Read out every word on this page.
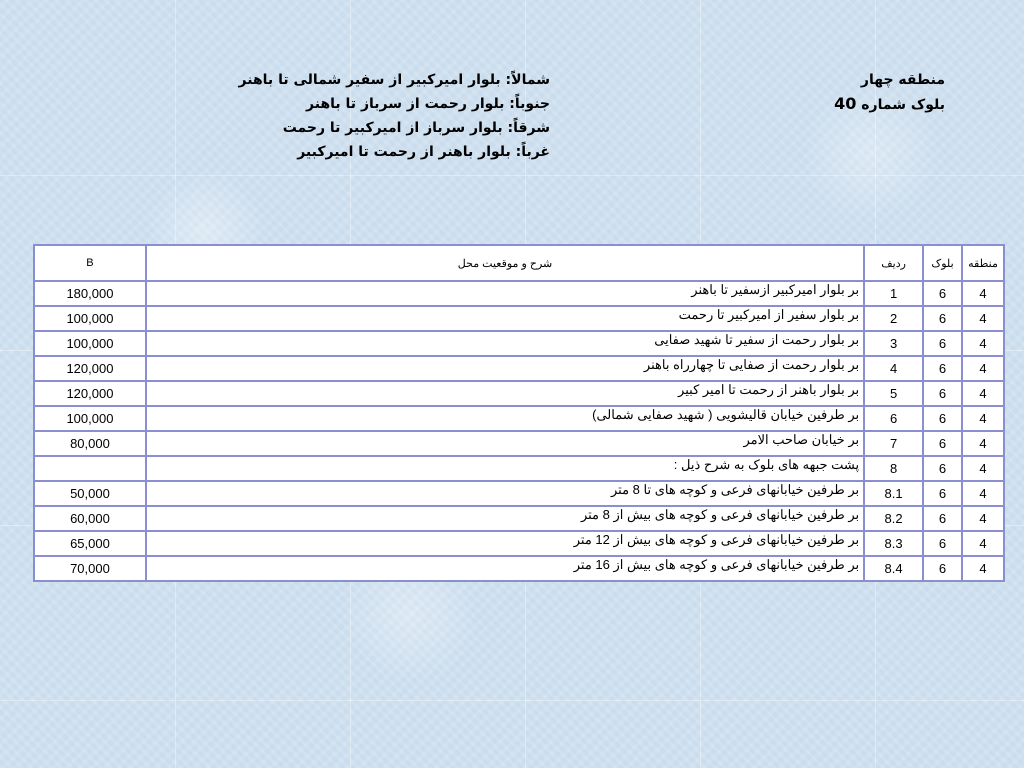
منطقه چهار
بلوک شماره 40
شمالاً: بلوار امیرکبیر از سفیر شمالی تا باهنر
جنوباً: بلوار رحمت از سرباز تا باهنر
شرقاً: بلوار سرباز از امیرکبیر تا رحمت
غرباً: بلوار باهنر از رحمت تا امیرکبیر
منطقه	بلوک	ردیف	شرح و موقعیت محل	B
4	6	1	بر بلوار امیرکبیر ازسفیر تا باهنر	180,000
4	6	2	بر بلوار سفیر از امیرکبیر تا رحمت	100,000
4	6	3	بر بلوار رحمت از سفیر تا شهید صفایی	100,000
4	6	4	بر بلوار رحمت از صفایی تا چهارراه باهنر	120,000
4	6	5	بر بلوار باهنر از رحمت تا امیر کبیر	120,000
4	6	6	بر طرفین خیابان قالیشویی ( شهید صفایی شمالی)	100,000
4	6	7	بر خیابان صاحب الامر	80,000
4	6	8	پشت جبهه های بلوک به شرح ذیل :	
4	6	8.1	بر طرفین خیابانهای فرعی و کوچه های تا 8 متر	50,000
4	6	8.2	بر طرفین خیابانهای فرعی و کوچه های بیش از 8 متر	60,000
4	6	8.3	بر طرفین خیابانهای فرعی و کوچه های بیش از 12 متر	65,000
4	6	8.4	بر طرفین خیابانهای فرعی و کوچه های بیش از 16 متر	70,000
